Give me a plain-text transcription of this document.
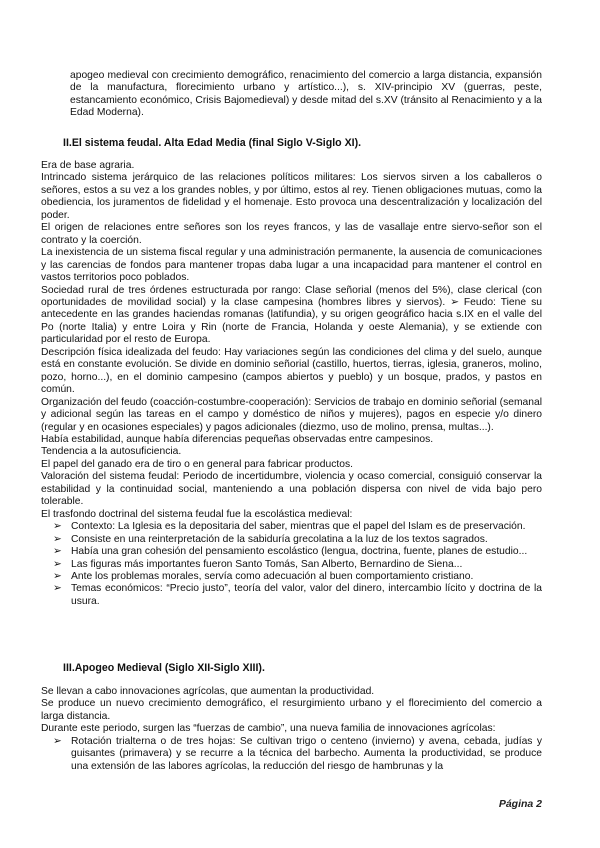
apogeo medieval con crecimiento demográfico, renacimiento del comercio a larga distancia, expansión de la manufactura, florecimiento urbano y artístico...), s. XIV-principio XV (guerras, peste, estancamiento económico, Crisis Bajomedieval) y desde mitad del s.XV (tránsito al Renacimiento y a la Edad Moderna).

II.El sistema feudal. Alta Edad Media (final Siglo V-Siglo XI).

Era de base agraria.

Intrincado sistema jerárquico de las relaciones políticos militares: Los siervos sirven a los caballeros o señores, estos a su vez a los grandes nobles, y por último, estos al rey. Tienen obligaciones mutuas, como la obediencia, los juramentos de fidelidad y el homenaje. Esto provoca una descentralización y localización del poder.

El origen de relaciones entre señores son los reyes francos, y las de vasallaje entre siervo-señor son el contrato y la coerción.

La inexistencia de un sistema fiscal regular y una administración permanente, la ausencia de comunicaciones y las carencias de fondos para mantener tropas daba lugar a una incapacidad para mantener el control en vastos territorios poco poblados.

Sociedad rural de tres órdenes estructurada por rango: Clase señorial (menos del 5%), clase clerical (con oportunidades de movilidad social) y la clase campesina (hombres libres y siervos). ➢ Feudo: Tiene su antecedente en las grandes haciendas romanas (latifundia), y su origen geográfico hacia s.IX en el valle del Po (norte Italia) y entre Loira y Rin (norte de Francia, Holanda y oeste Alemania), y se extiende con particularidad por el resto de Europa.

Descripción física idealizada del feudo: Hay variaciones según las condiciones del clima y del suelo, aunque está en constante evolución. Se divide en dominio señorial (castillo, huertos, tierras, iglesia, graneros, molino, pozo, horno...), en el dominio campesino (campos abiertos y pueblo) y un bosque, prados, y pastos en común.

Organización del feudo (coacción-costumbre-cooperación): Servicios de trabajo en dominio señorial (semanal y adicional según las tareas en el campo y doméstico de niños y mujeres), pagos en especie y/o dinero (regular y en ocasiones especiales) y pagos adicionales (diezmo, uso de molino, prensa, multas...).

Había estabilidad, aunque había diferencias pequeñas observadas entre campesinos.

Tendencia a la autosuficiencia.

El papel del ganado era de tiro o en general para fabricar productos.

Valoración del sistema feudal: Periodo de incertidumbre, violencia y ocaso comercial, consiguió conservar la estabilidad y la continuidad social, manteniendo a una población dispersa con nivel de vida bajo pero tolerable.

El trasfondo doctrinal del sistema feudal fue la escolástica medieval:

➢ Contexto: La Iglesia es la depositaria del saber, mientras que el papel del Islam es de preservación.
➢ Consiste en una reinterpretación de la sabiduría grecolatina a la luz de los textos sagrados.
➢ Había una gran cohesión del pensamiento escolástico (lengua, doctrina, fuente, planes de estudio...
➢ Las figuras más importantes fueron Santo Tomás, San Alberto, Bernardino de Siena...
➢ Ante los problemas morales, servía como adecuación al buen comportamiento cristiano.
➢ Temas económicos: “Precio justo”, teoría del valor, valor del dinero, intercambio lícito y doctrina de la usura.
III.Apogeo Medieval (Siglo XII-Siglo XIII).

Se llevan a cabo innovaciones agrícolas, que aumentan la productividad.

Se produce un nuevo crecimiento demográfico, el resurgimiento urbano y el florecimiento del comercio a larga distancia.

Durante este periodo, surgen las “fuerzas de cambio”, una nueva familia de innovaciones agrícolas:

➢ Rotación trialterna o de tres hojas: Se cultivan trigo o centeno (invierno) y avena, cebada, judías y guisantes (primavera) y se recurre a la técnica del barbecho. Aumenta la productividad, se produce una extensión de las labores agrícolas, la reducción del riesgo de hambrunas y la
Página 2
